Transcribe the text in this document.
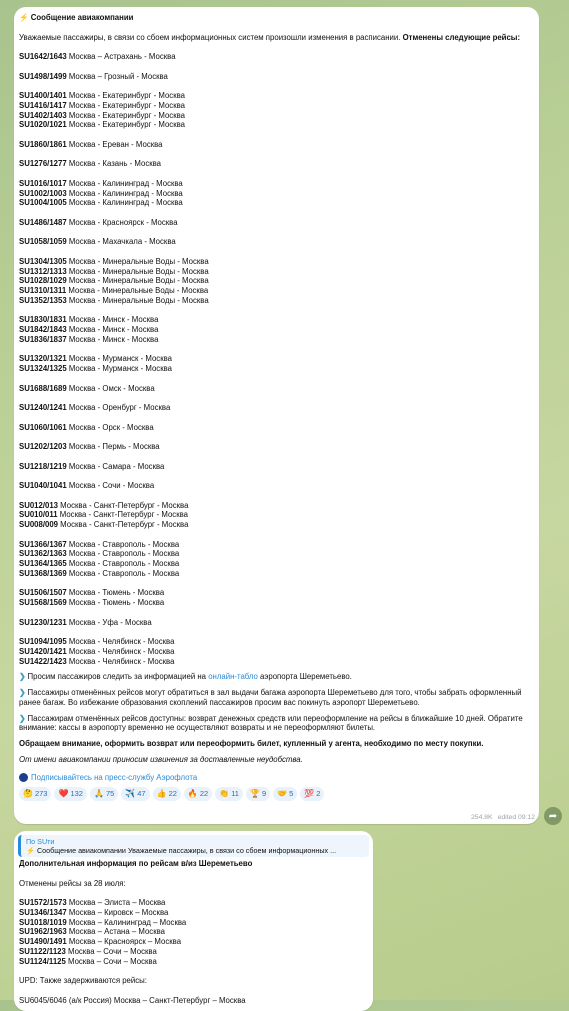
⚡ Сообщение авиакомпании
Уважаемые пассажиры, в связи со сбоем информационных систем произошли изменения в расписании. Отменены следующие рейсы:
SU1642/1643 Москва – Астрахань - Москва
SU1498/1499 Москва – Грозный - Москва
SU1400/1401 Москва - Екатеринбург - Москва
SU1416/1417 Москва - Екатеринбург - Москва
SU1402/1403 Москва - Екатеринбург - Москва
SU1020/1021 Москва - Екатеринбург - Москва
SU1860/1861 Москва - Ереван - Москва
SU1276/1277 Москва - Казань - Москва
SU1016/1017 Москва - Калининград - Москва
SU1002/1003 Москва - Калининград - Москва
SU1004/1005 Москва - Калининград - Москва
SU1486/1487 Москва - Красноярск - Москва
SU1058/1059 Москва - Махачкала - Москва
SU1304/1305 Москва - Минеральные Воды - Москва
SU1312/1313 Москва - Минеральные Воды - Москва
SU1028/1029 Москва - Минеральные Воды - Москва
SU1310/1311 Москва - Минеральные Воды - Москва
SU1352/1353 Москва - Минеральные Воды - Москва
SU1830/1831 Москва - Минск - Москва
SU1842/1843 Москва - Минск - Москва
SU1836/1837 Москва - Минск - Москва
SU1320/1321 Москва - Мурманск - Москва
SU1324/1325 Москва - Мурманск - Москва
SU1688/1689 Москва - Омск - Москва
SU1240/1241 Москва - Оренбург - Москва
SU1060/1061 Москва - Орск - Москва
SU1202/1203 Москва - Пермь - Москва
SU1218/1219 Москва - Самара - Москва
SU1040/1041 Москва - Сочи - Москва
SU012/013 Москва - Санкт-Петербург - Москва
SU010/011 Москва - Санкт-Петербург - Москва
SU008/009 Москва - Санкт-Петербург - Москва
SU1366/1367 Москва - Ставрополь - Москва
SU1362/1363 Москва - Ставрополь - Москва
SU1364/1365 Москва - Ставрополь - Москва
SU1368/1369 Москва - Ставрополь - Москва
SU1506/1507 Москва - Тюмень - Москва
SU1568/1569 Москва - Тюмень - Москва
SU1230/1231 Москва - Уфа - Москва
SU1094/1095 Москва - Челябинск - Москва
SU1420/1421 Москва - Челябинск - Москва
SU1422/1423 Москва - Челябинск - Москва
❯ Просим пассажиров следить за информацией на онлайн-табло аэропорта Шереметьево.
❯ Пассажиры отменённых рейсов могут обратиться в зал выдачи багажа аэропорта Шереметьево для того, чтобы забрать оформленный ранее багаж. Во избежание образования скоплений пассажиров просим вас покинуть аэропорт Шереметьево.
❯ Пассажирам отменённых рейсов доступны: возврат денежных средств или переоформление на рейсы в ближайшие 10 дней. Обратите внимание: кассы в аэропорту временно не осуществляют возвраты и не переоформляют билеты.
Обращаем внимание, оформить возврат или переоформить билет, купленный у агента, необходимо по месту покупки.
От имени авиакомпании приносим извинения за доставленные неудобства.
Подписывайтесь на пресс-службу Аэрофлота
🤔 273 ❤️ 132 🙏 75 ✈️ 47 👍 22 🔥 22 👏 11 🏆 9 🤝 5 💯 2
254.8K edited 09:12	➦
По SUти
⚡ Сообщение авиакомпании Уважаемые пассажиры, в связи со сбоем информационных ...
Дополнительная информация по рейсам в/из Шереметьево
Отменены рейсы за 28 июля:
SU1572/1573 Москва – Элиста – Москва
SU1346/1347 Москва – Кировск – Москва
SU1018/1019 Москва – Калининград – Москва
SU1962/1963 Москва – Астана – Москва
SU1490/1491 Москва – Красноярск – Москва
SU1122/1123 Москва – Сочи – Москва
SU1124/1125 Москва – Сочи – Москва
UPD: Также задерживаются рейсы:
SU6045/6046 (а/к Россия) Москва – Санкт-Петербург – Москва
